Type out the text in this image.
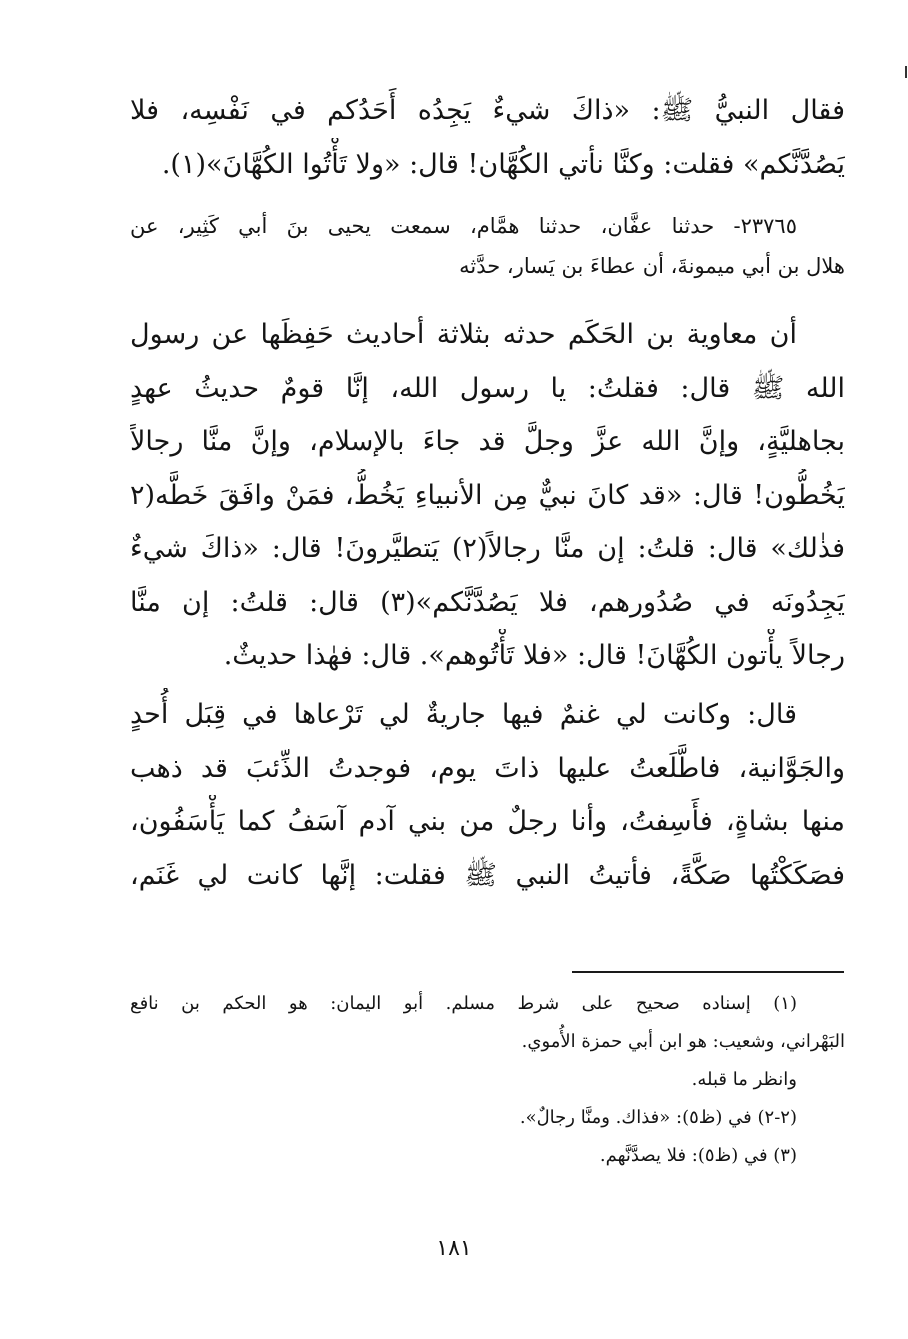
فقال النبيُّ ﷺ: «ذاكَ شيءٌ يَجِدُه أَحَدُكم في نَفْسِه، فلا
يَصُدَّنَّكم» فقلت: وكنَّا نأتي الكُهَّان! قال: «ولا تَأْتُوا الكُهَّانَ»(١).
٢٣٧٦٥- حدثنا عفَّان، حدثنا همَّام، سمعت يحيى بنَ أبي كَثِير، عن
هلال بن أبي ميمونةَ، أن عطاءَ بن يَسار، حدَّثه
أن معاوية بن الحَكَم حدثه بثلاثة أحاديث حَفِظَها عن رسول
الله ﷺ قال: فقلتُ: يا رسول الله، إنَّا قومٌ حديثُ عهدٍ
بجاهليَّةٍ، وإنَّ الله عزَّ وجلَّ قد جاءَ بالإسلام، وإنَّ منَّا رجالاً
يَخُطُّون! قال: «قد كانَ نبيٌّ مِن الأنبياءِ يَخُطُّ، فمَنْ وافَقَ خَطَّه(٢
فذٰلك» قال: قلتُ: إن منَّا رجالاً(٢) يَتطيَّرونَ! قال: «ذاكَ شيءٌ
يَجِدُونَه في صُدُورهم، فلا يَصُدَّنَّكم»(٣) قال: قلتُ: إن منَّا
رجالاً يأْتون الكُهَّانَ! قال: «فلا تَأْتُوهم». قال: فهٰذا حديثٌ.
قال: وكانت لي غنمٌ فيها جاريةٌ لي تَرْعاها في قِبَل أُحدٍ
والجَوَّانية، فاطَّلَعتُ عليها ذاتَ يوم، فوجدتُ الذِّئبَ قد ذهب
منها بشاةٍ، فأَسِفتُ، وأنا رجلٌ من بني آدم آسَفُ كما يَأْسَفُون،
فصَكَكْتُها صَكَّةً، فأتيتُ النبي ﷺ فقلت: إنَّها كانت لي غَنَم،
(١) إسناده صحيح على شرط مسلم. أبو اليمان: هو الحكم بن نافع
البَهْراني، وشعيب: هو ابن أبي حمزة الأُموي.
وانظر ما قبله.
(٢-٢) في (ظ٥): «فذاك. ومنَّا رجالٌ».
(٣) في (ظ٥): فلا يصدَّنَّهم.
١٨١
